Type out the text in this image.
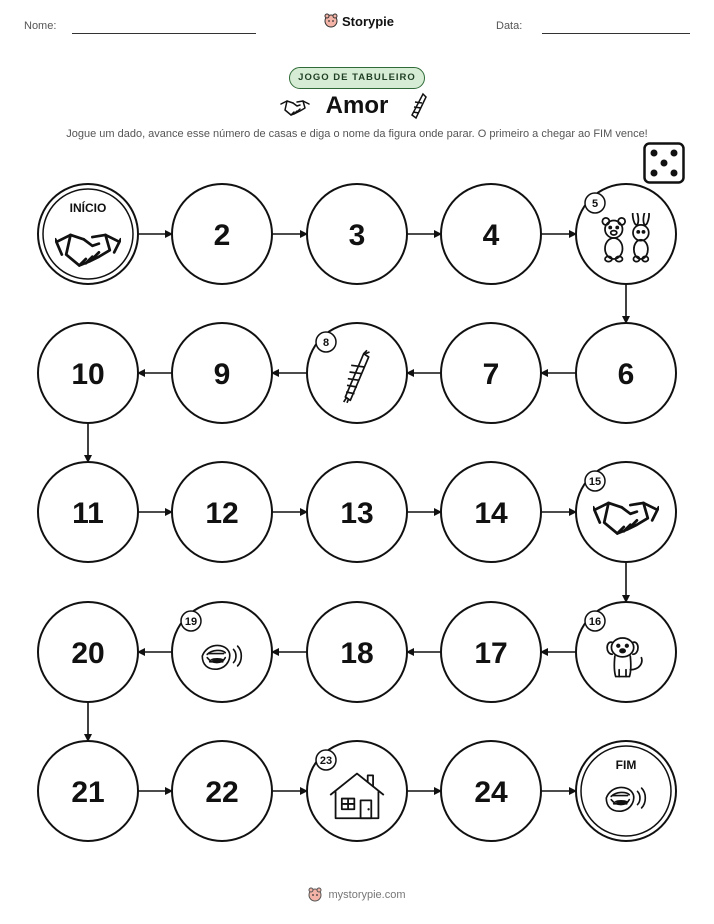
Nome:	Storypie	Data:
JOGO DE TABULEIRO
Amor
Jogue um dado, avance esse número de casas e diga o nome da figura onde parar. O primeiro a chegar ao FIM vence!
INÍCIO
2	3	4
5
6
7
8
9
10
11	12	13	14
15
16
17
18
19
20
21	22
23
24
FIM
mystorypie.com
